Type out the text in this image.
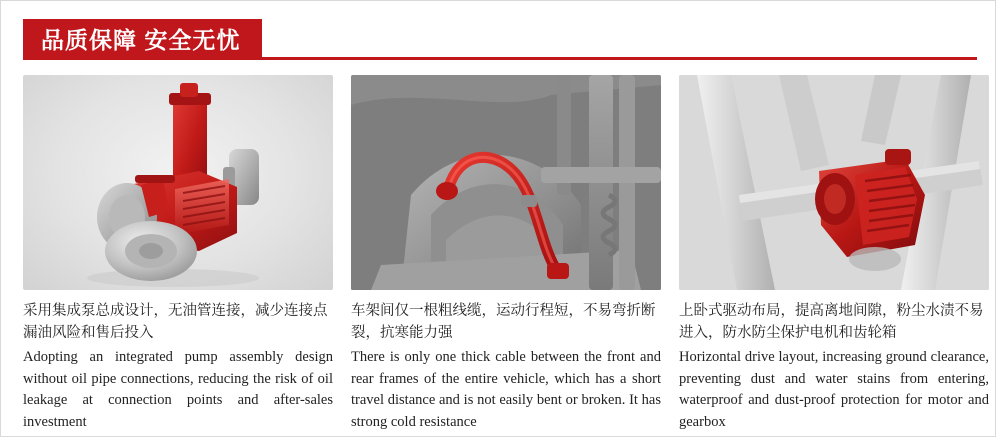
品质保障 安全无忧
采用集成泵总成设计，无油管连接，减少连接点漏油风险和售后投入
Adopting an integrated pump assembly design without oil pipe connections, reducing the risk of oil leakage at connection points and after-sales investment
车架间仅一根粗线缆，运动行程短，不易弯折断裂，抗寒能力强
There is only one thick cable between the front and rear frames of the entire vehicle, which has a short travel distance and is not easily bent or broken. It has strong cold resistance
上卧式驱动布局，提高离地间隙，粉尘水渍不易进入，防水防尘保护电机和齿轮箱
Horizontal drive layout, increasing ground clearance, preventing dust and water stains from entering, waterproof and dust-proof protection for motor and gearbox
